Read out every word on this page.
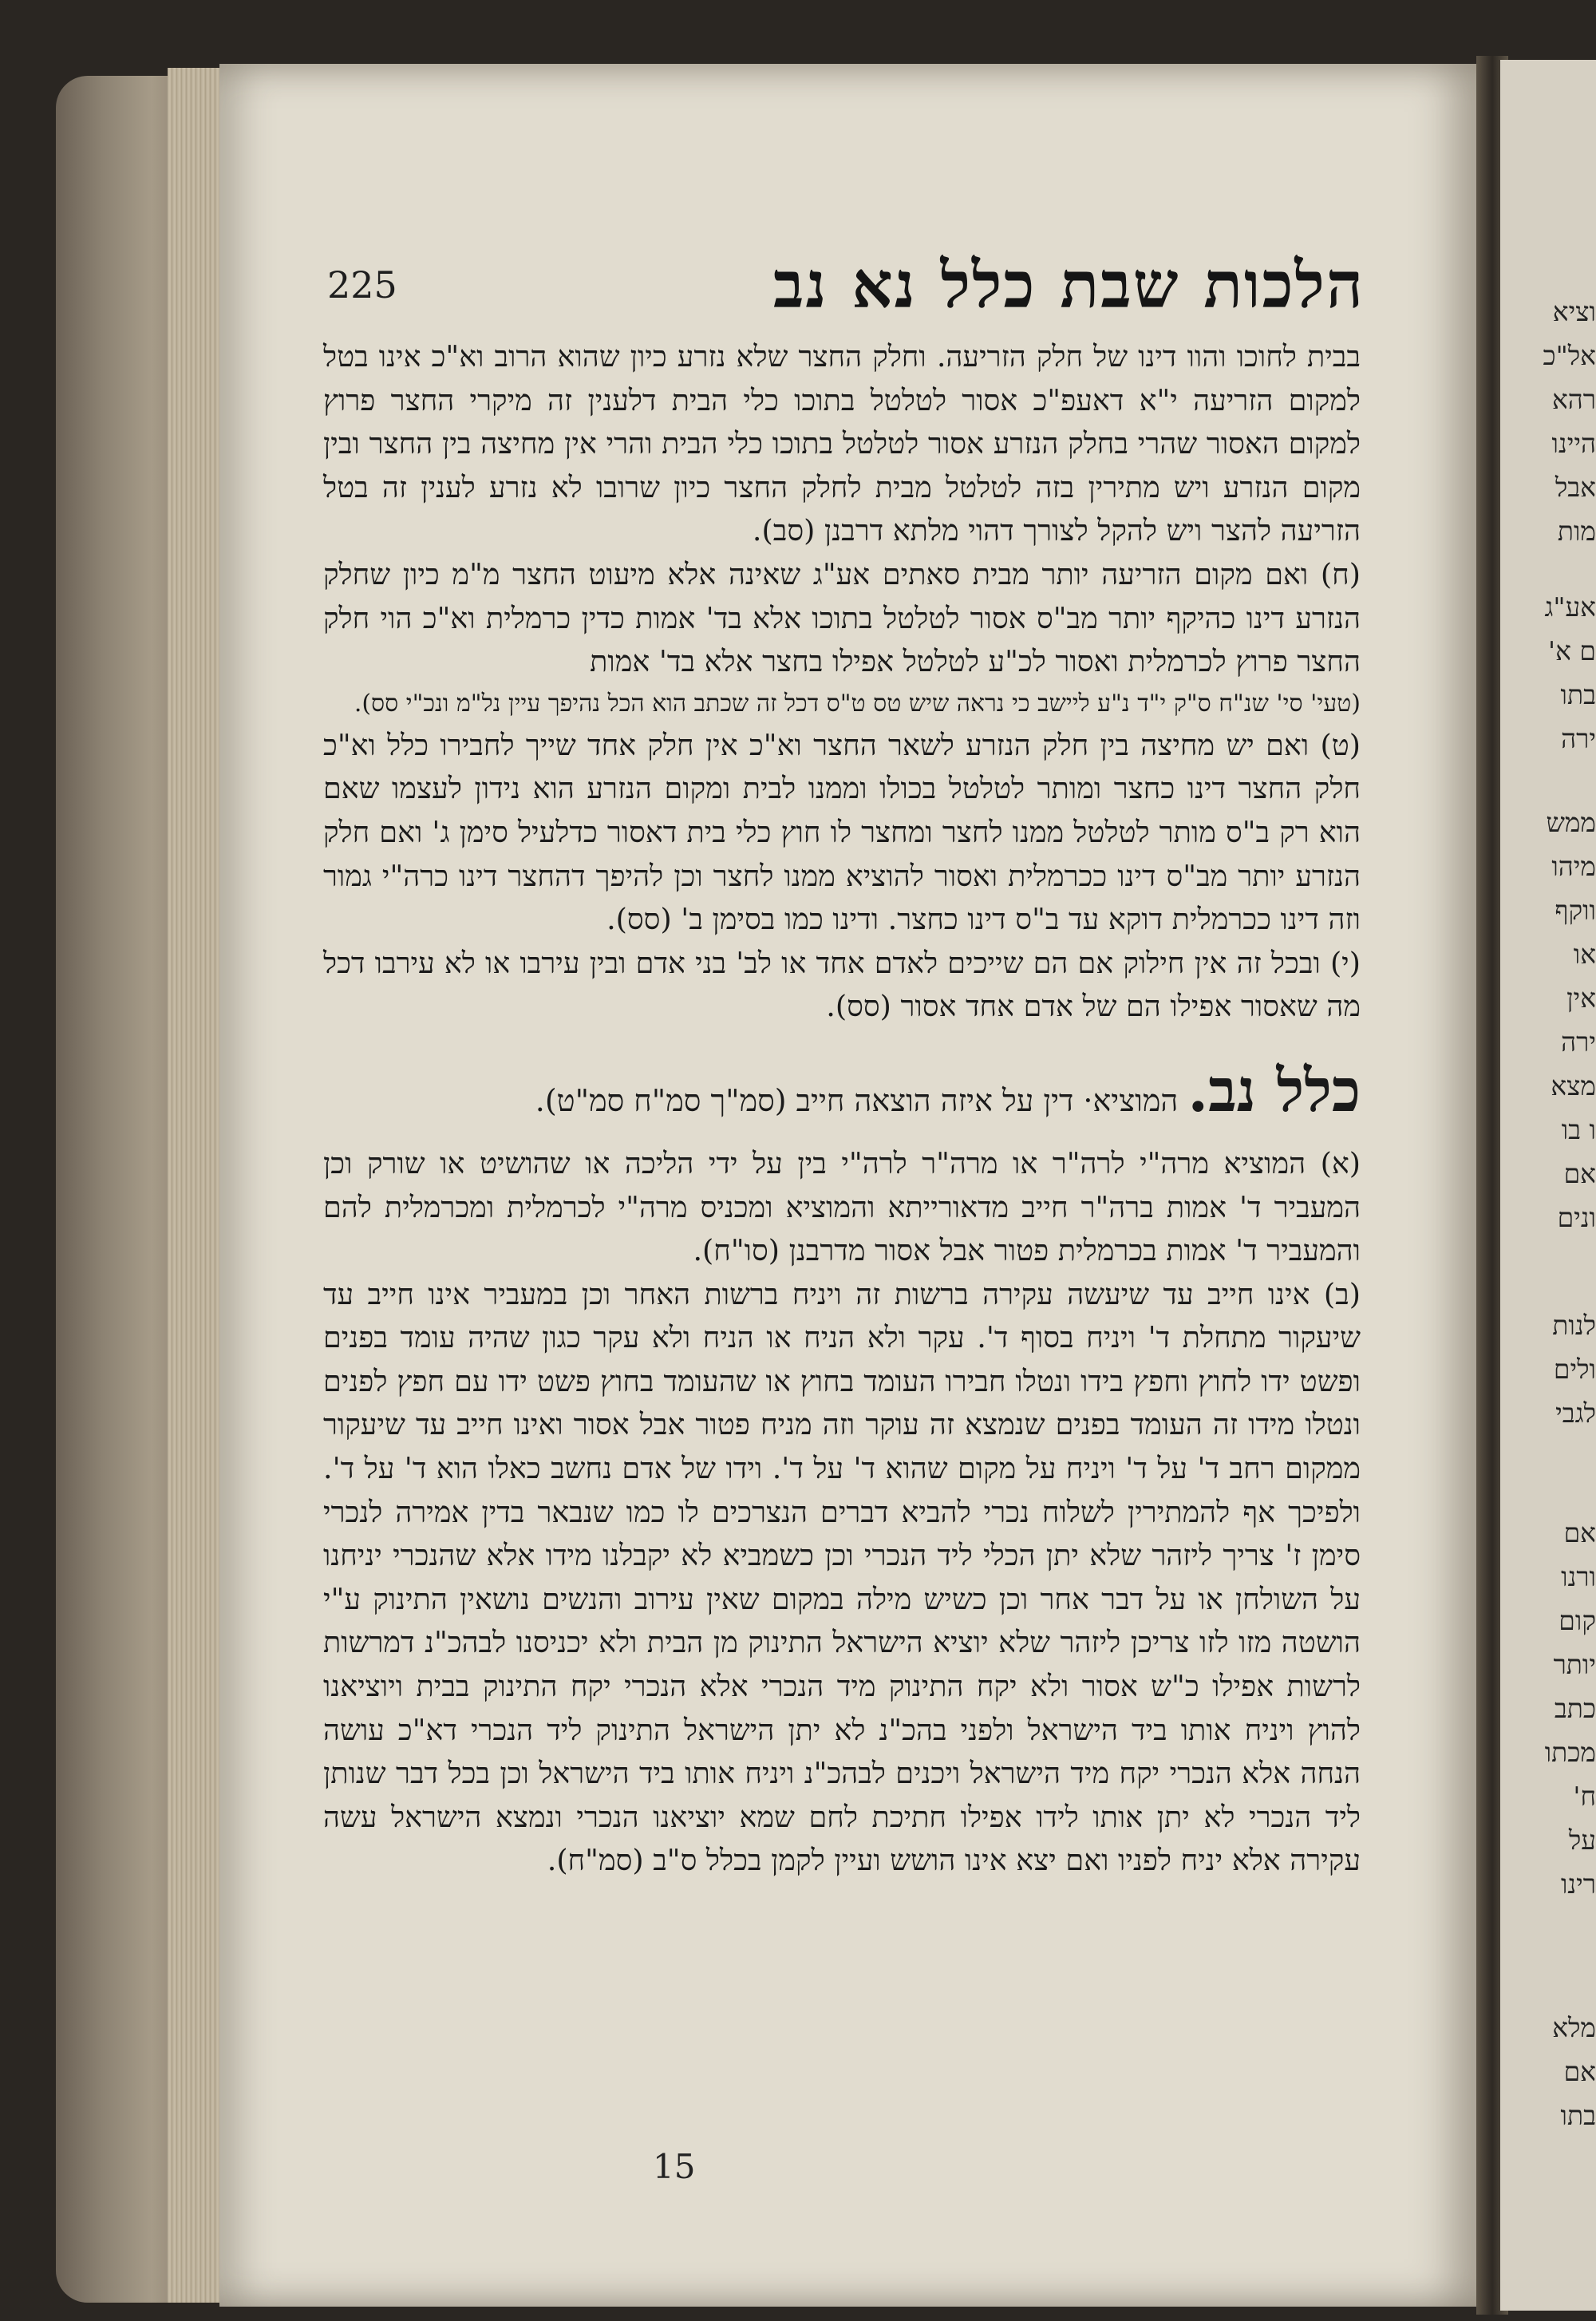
וציא
אל"כ
רהא
היינו
אבל
מות
אע"ג
ם א'
בתו
ירה
ממש
מיהו
ווקף
או
אין
ירה
מצא
ו בו
אם
ונים
לנות
ולים
לגבי
אם
ורנו
קום
יותר
כתב
מכתו
ח'
על
רינו
מלא
אם
בתו
225	הלכות שבת כלל נא נב

בבית לחוכו והוו דינו של חלק הזריעה. וחלק החצר שלא נזרע כיון שהוא הרוב וא"כ אינו בטל למקום הזריעה י"א דאעפ"כ אסור לטלטל בתוכו כלי הבית דלענין זה מיקרי החצר פרוץ למקום האסור שהרי בחלק הנזרע אסור לטלטל בתוכו כלי הבית והרי אין מחיצה בין החצר ובין מקום הנזרע ויש מתירין בזה לטלטל מבית לחלק החצר כיון שרובו לא נזרע לענין זה בטל הזריעה להצר ויש להקל לצורך דהוי מלתא דרבנן (סב).

(ח) ואם מקום הזריעה יותר מבית סאתים אע"ג שאינה אלא מיעוט החצר מ"מ כיון שחלק הנזרע דינו כהיקף יותר מב"ס אסור לטלטל בתוכו אלא בד' אמות כדין כרמלית וא"כ הוי חלק החצר פרוץ לכרמלית ואסור לכ"ע לטלטל אפילו בחצר אלא בד' אמות

(טעי' סי' שנ"ח ס"ק י"ד נ"ע ליישב כי נראה שיש טס ט"ס דכל זה שכתב הוא הכל נהיפך עיין נל"מ ונכ"י סס).

(ט) ואם יש מחיצה בין חלק הנזרע לשאר החצר וא"כ אין חלק אחד שייך לחבירו כלל וא"כ חלק החצר דינו כחצר ומותר לטלטל בכולו וממנו לבית ומקום הנזרע הוא נידון לעצמו שאם הוא רק ב"ס מותר לטלטל ממנו לחצר ומחצר לו חוץ כלי בית דאסור כדלעיל סימן ג' ואם חלק הנזרע יותר מב"ס דינו ככרמלית ואסור להוציא ממנו לחצר וכן להיפך דהחצר דינו כרה"י גמור וזה דינו ככרמלית דוקא עד ב"ס דינו כחצר. ודינו כמו בסימן ב' (סס).

(י) ובכל זה אין חילוק אם הם שייכים לאדם אחד או לב' בני אדם ובין עירבו או לא עירבו דכל מה שאסור אפילו הם של אדם אחד אסור (סס).

כלל נב. המוציא· דין על איזה הוצאה חייב (סמ"ך סמ"ח סמ"ט).

(א) המוציא מרה"י לרה"ר או מרה"ר לרה"י בין על ידי הליכה או שהושיט או שורק וכן המעביר ד' אמות ברה"ר חייב מדאורייתא והמוציא ומכניס מרה"י לכרמלית ומכרמלית להם והמעביר ד' אמות בכרמלית פטור אבל אסור מדרבנן (סו"ח).

(ב) אינו חייב עד שיעשה עקירה ברשות זה ויניח ברשות האחר וכן במעביר אינו חייב עד שיעקור מתחלת ד' ויניח בסוף ד'. עקר ולא הניח או הניח ולא עקר כגון שהיה עומד בפנים ופשט ידו לחוץ וחפץ בידו ונטלו חבירו העומד בחוץ או שהעומד בחוץ פשט ידו עם חפץ לפנים ונטלו מידו זה העומד בפנים שנמצא זה עוקר וזה מניח פטור אבל אסור ואינו חייב עד שיעקור ממקום רחב ד' על ד' ויניח על מקום שהוא ד' על ד'. וידו של אדם נחשב כאלו הוא ד' על ד'. ולפיכך אף להמתירין לשלוח נכרי להביא דברים הנצרכים לו כמו שנבאר בדין אמירה לנכרי סימן ז' צריך ליזהר שלא יתן הכלי ליד הנכרי וכן כשמביא לא יקבלנו מידו אלא שהנכרי יניחנו על השולחן או על דבר אחר וכן כשיש מילה במקום שאין עירוב והנשים נושאין התינוק ע"י הושטה מזו לזו צריכן ליזהר שלא יוציא הישראל התינוק מן הבית ולא יכניסנו לבהכ"נ דמרשות לרשות אפילו כ"ש אסור ולא יקח התינוק מיד הנכרי אלא הנכרי יקח התינוק בבית ויוציאנו להוץ ויניח אותו ביד הישראל ולפני בהכ"נ לא יתן הישראל התינוק ליד הנכרי דא"כ עושה הנחה אלא הנכרי יקח מיד הישראל ויכנים לבהכ"נ ויניח אותו ביד הישראל וכן בכל דבר שנותן ליד הנכרי לא יתן אותו לידו אפילו חתיכת לחם שמא יוציאנו הנכרי ונמצא הישראל עשה עקירה אלא יניח לפניו ואם יצא אינו הושש ועיין לקמן בכלל ס"ב (סמ"ח).

15
